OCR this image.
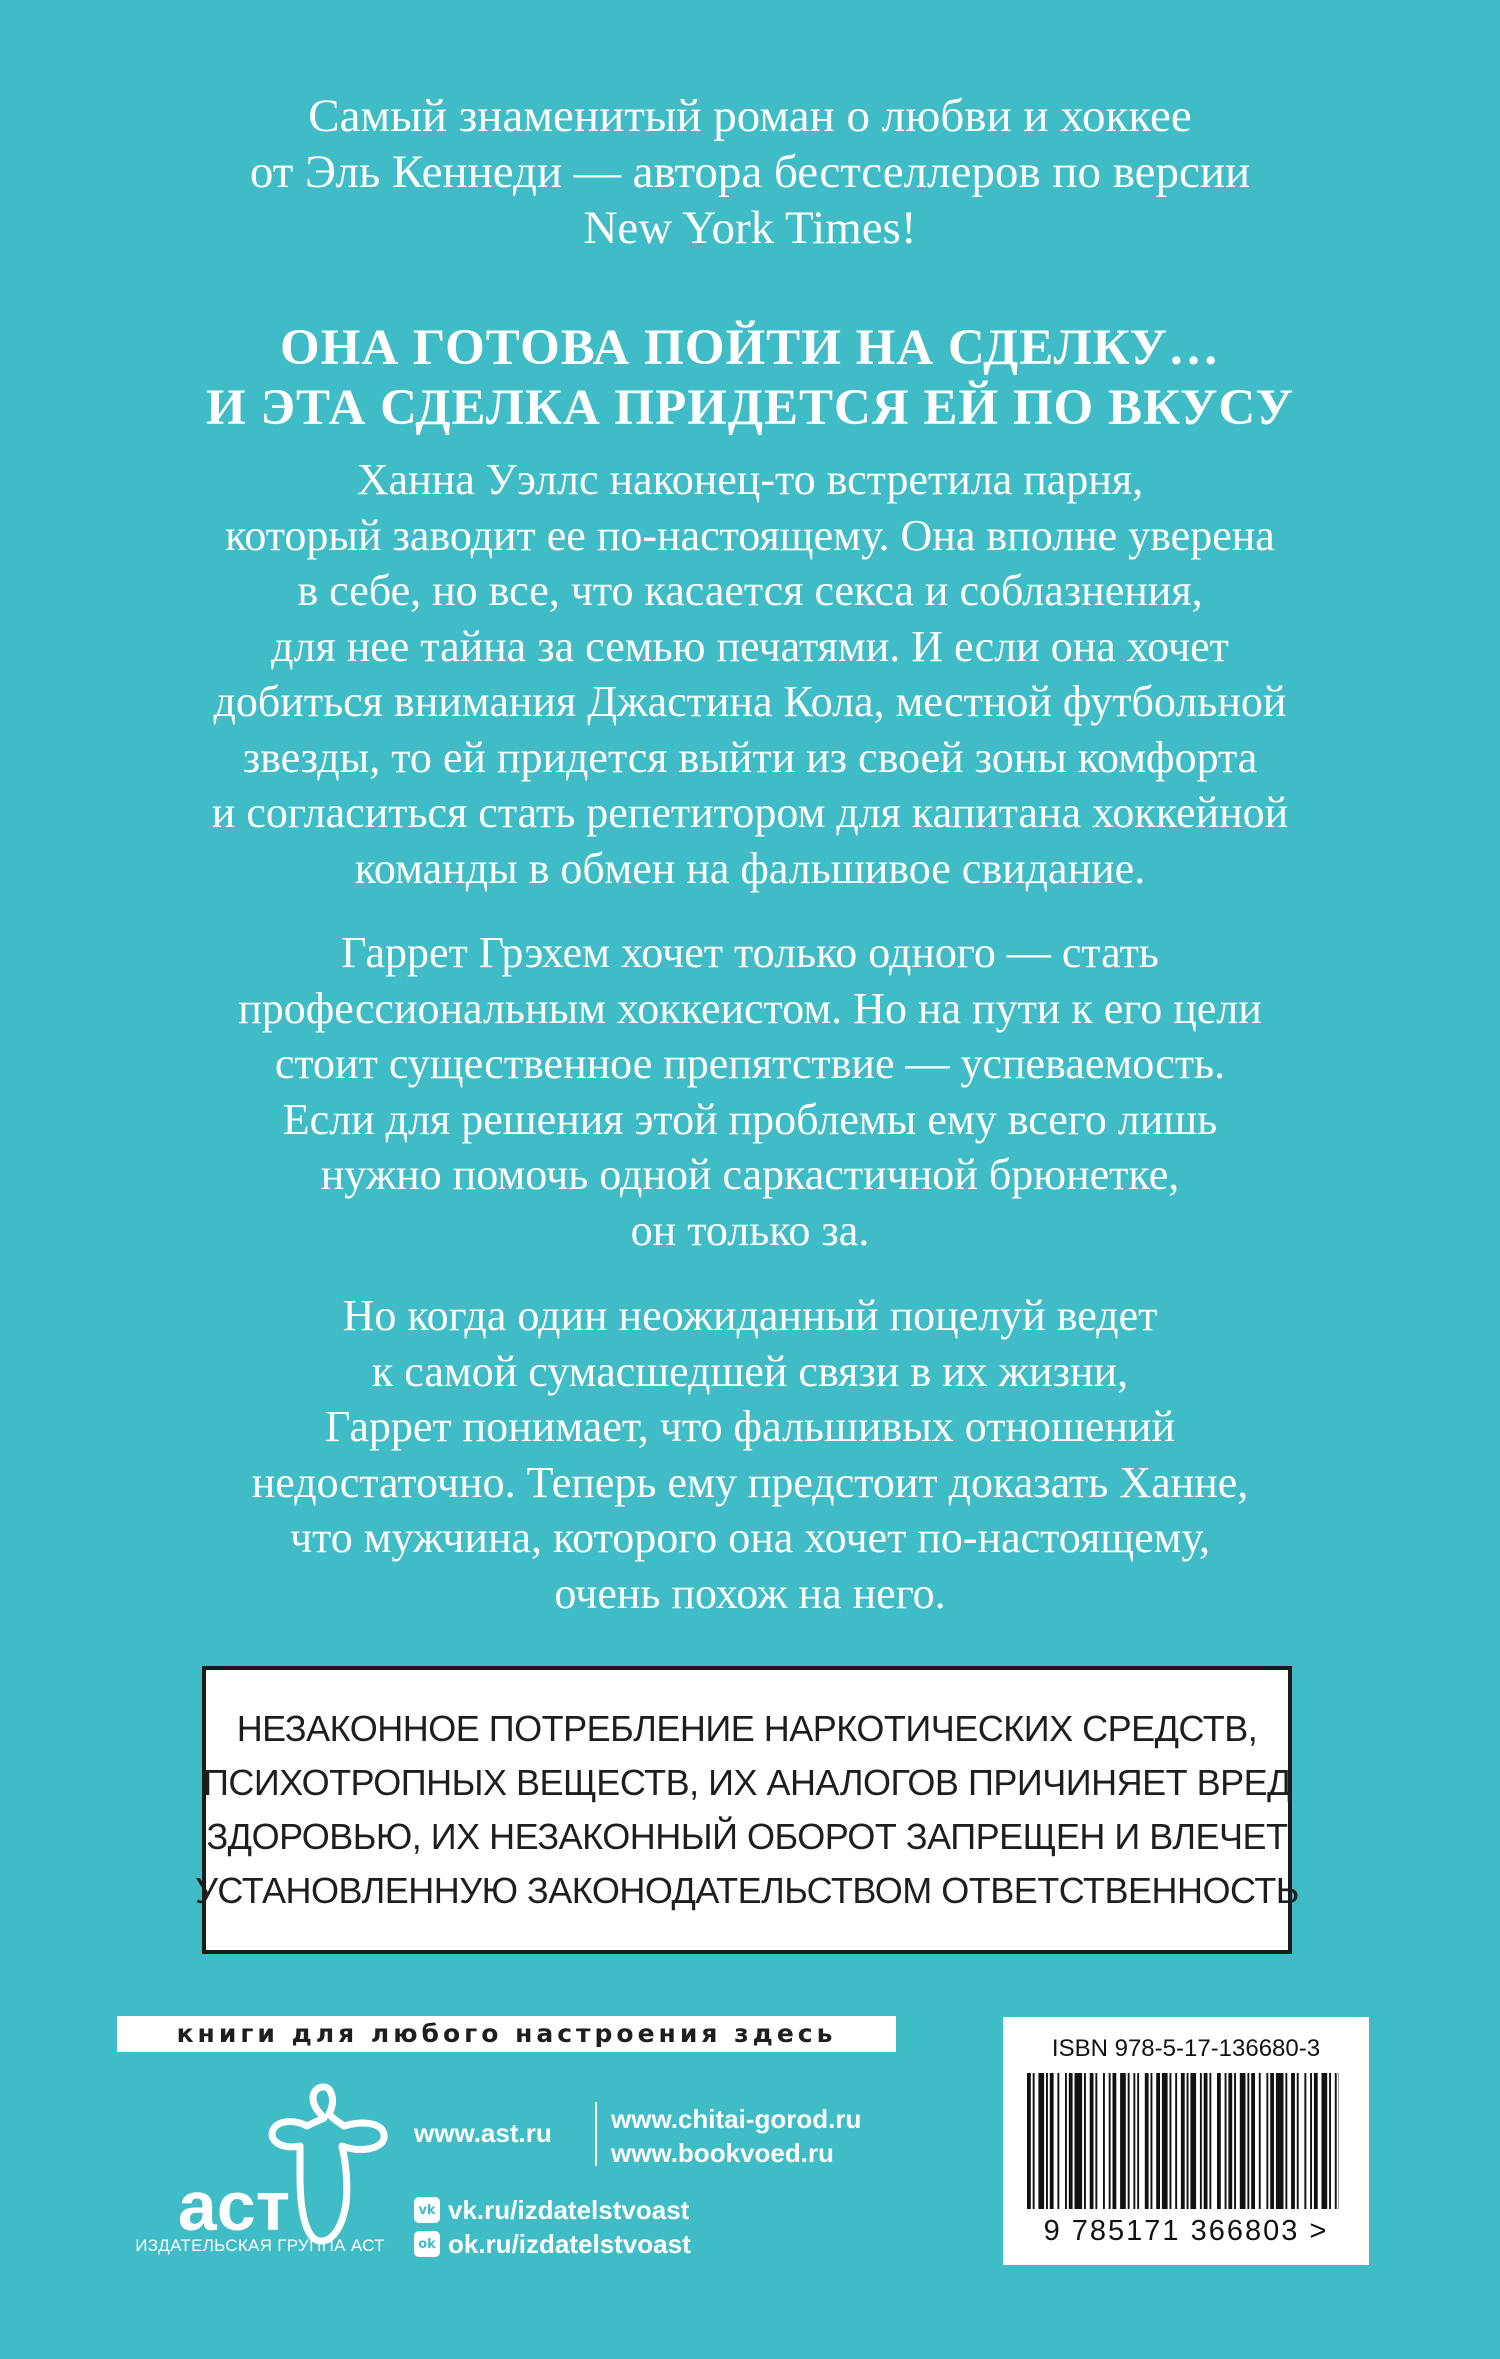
Самый знаменитый роман о любви и хоккее
от Эль Кеннеди — автора бестселлеров по версии
New York Times!
ОНА ГОТОВА ПОЙТИ НА СДЕЛКУ…
И ЭТА СДЕЛКА ПРИДЕТСЯ ЕЙ ПО ВКУСУ
Ханна Уэллс наконец-то встретила парня,
который заводит ее по-настоящему. Она вполне уверена
в себе, но все, что касается секса и соблазнения,
для нее тайна за семью печатями. И если она хочет
добиться внимания Джастина Кола, местной футбольной
звезды, то ей придется выйти из своей зоны комфорта
и согласиться стать репетитором для капитана хоккейной
команды в обмен на фальшивое свидание.
Гаррет Грэхем хочет только одного — стать
профессиональным хоккеистом. Но на пути к его цели
стоит существенное препятствие — успеваемость.
Если для решения этой проблемы ему всего лишь
нужно помочь одной саркастичной брюнетке,
он только за.
Но когда один неожиданный поцелуй ведет
к самой сумасшедшей связи в их жизни,
Гаррет понимает, что фальшивых отношений
недостаточно. Теперь ему предстоит доказать Ханне,
что мужчина, которого она хочет по-настоящему,
очень похож на него.
НЕЗАКОННОЕ ПОТРЕБЛЕНИЕ НАРКОТИЧЕСКИХ СРЕДСТВ,
ПСИХОТРОПНЫХ ВЕЩЕСТВ, ИХ АНАЛОГОВ ПРИЧИНЯЕТ ВРЕД
ЗДОРОВЬЮ, ИХ НЕЗАКОННЫЙ ОБОРОТ ЗАПРЕЩЕН И ВЛЕЧЕТ
УСТАНОВЛЕННУЮ ЗАКОНОДАТЕЛЬСТВОМ ОТВЕТСТВЕННОСТЬ
книги для любого настроения здесь
аст
ИЗДАТЕЛЬСКАЯ ГРУППА АСТ
www.ast.ru www.chitai-gorod.ru
www.bookvoed.ru
vk vk.ru/izdatelstvoast
ok ok.ru/izdatelstvoast
ISBN 978-5-17-136680-3
9 785171 366803 >
